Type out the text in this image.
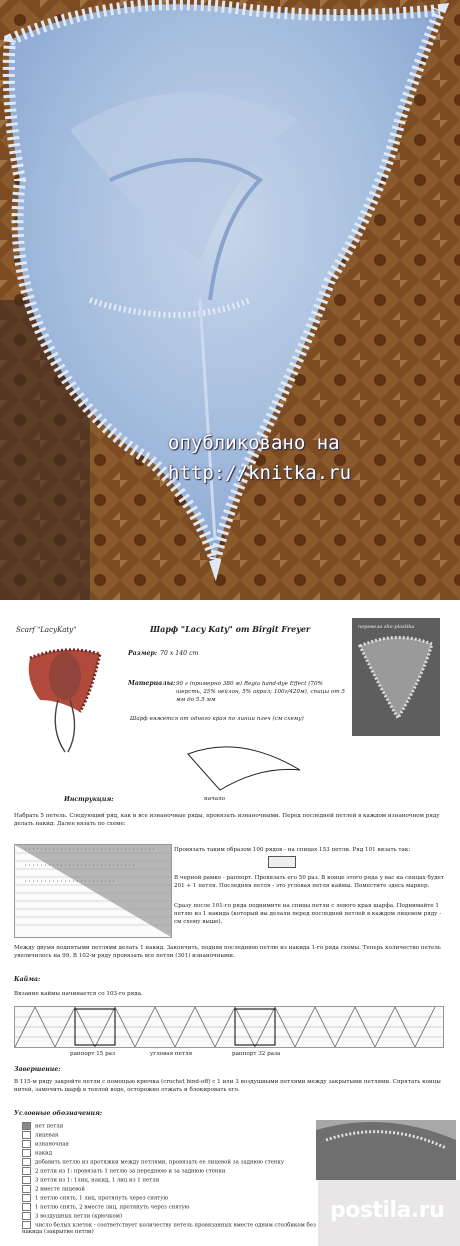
опубликовано на
http://knitka.ru
Scarf "LacyKaty"	Шарф "Lacy Katy" от Birgit Freyer
Размер: 70 x 140 cm
Материалы: 90 г (примерно 380 м) Regia hand-dye Effect (70% шерсть, 25% нейлон, 5% акрил; 100г/420м), спицы от 5 мм до 5.5 мм
Шарф вяжется от одного края по линии плеч (см схему)
перевела she-plastika
начало
Инструкция:
Набрать 5 петель. Следующий ряд, как и все изнаночные ряды, провязать изнаночными. Перед последней петлей в каждом изнаночном ряду делать накид. Далее вязать по схеме:
Провязать таким образом 100 рядов - на спицах 153 петли. Ряд 101 вязать так:
В черной рамке - раппорт. Провязать его 50 раз. В конце этого ряда у вас на спицах будет 201 + 1 петля. Последняя петля - это угловая петля каймы. Поместите здесь маркер.
Сразу после 101-го ряда поднимите на спицы петли с левого края шарфа. Поднимайте 1 петлю из 1 накида (который вы делали перед последней петлей в каждом лицевом ряду - см схему выше).
Между двумя поднятыми петлями делать 1 накид. Закончить, подняв последнюю петлю из накида 1-го ряда схемы. Теперь количество петель увеличилось на 99. В 102-м ряду провязать все петли (301) изнаночными.
Кайма:
Вязание каймы начинается со 103-го ряда.
раппорт 15 раз	угловая петля	раппорт 32 раза
Завершение:
В 115-м ряду закройте петли с помощью крючка (crochet bind-off) с 1 или 3 воздушными петлями между закрытыми петлями. Спрятать концы нитей, замочить шарф в теплой воде, осторожно отжать и блокировать его.
Условные обозначения:
нет петли
лицевая
изнаночная
накид
добавить петлю из протяжки между петлями, провязать ее лицевой за заднюю стенку
2 петли из 1: провязать 1 петлю за переднюю и за заднюю стенки
3 петли из 1: 1лиц, накид, 1 лиц из 1 петли
2 вместе лицевой
1 петлю снять, 1 лиц, протянуть через снятую
1 петлю снять, 2 вместе лиц, протянуть через снятую
3 воздушных петли (крючком)
число белых клеток - соответствует количеству петель провязанных вместе одним столбиком без накида (закрытие петли)
postila.ru
